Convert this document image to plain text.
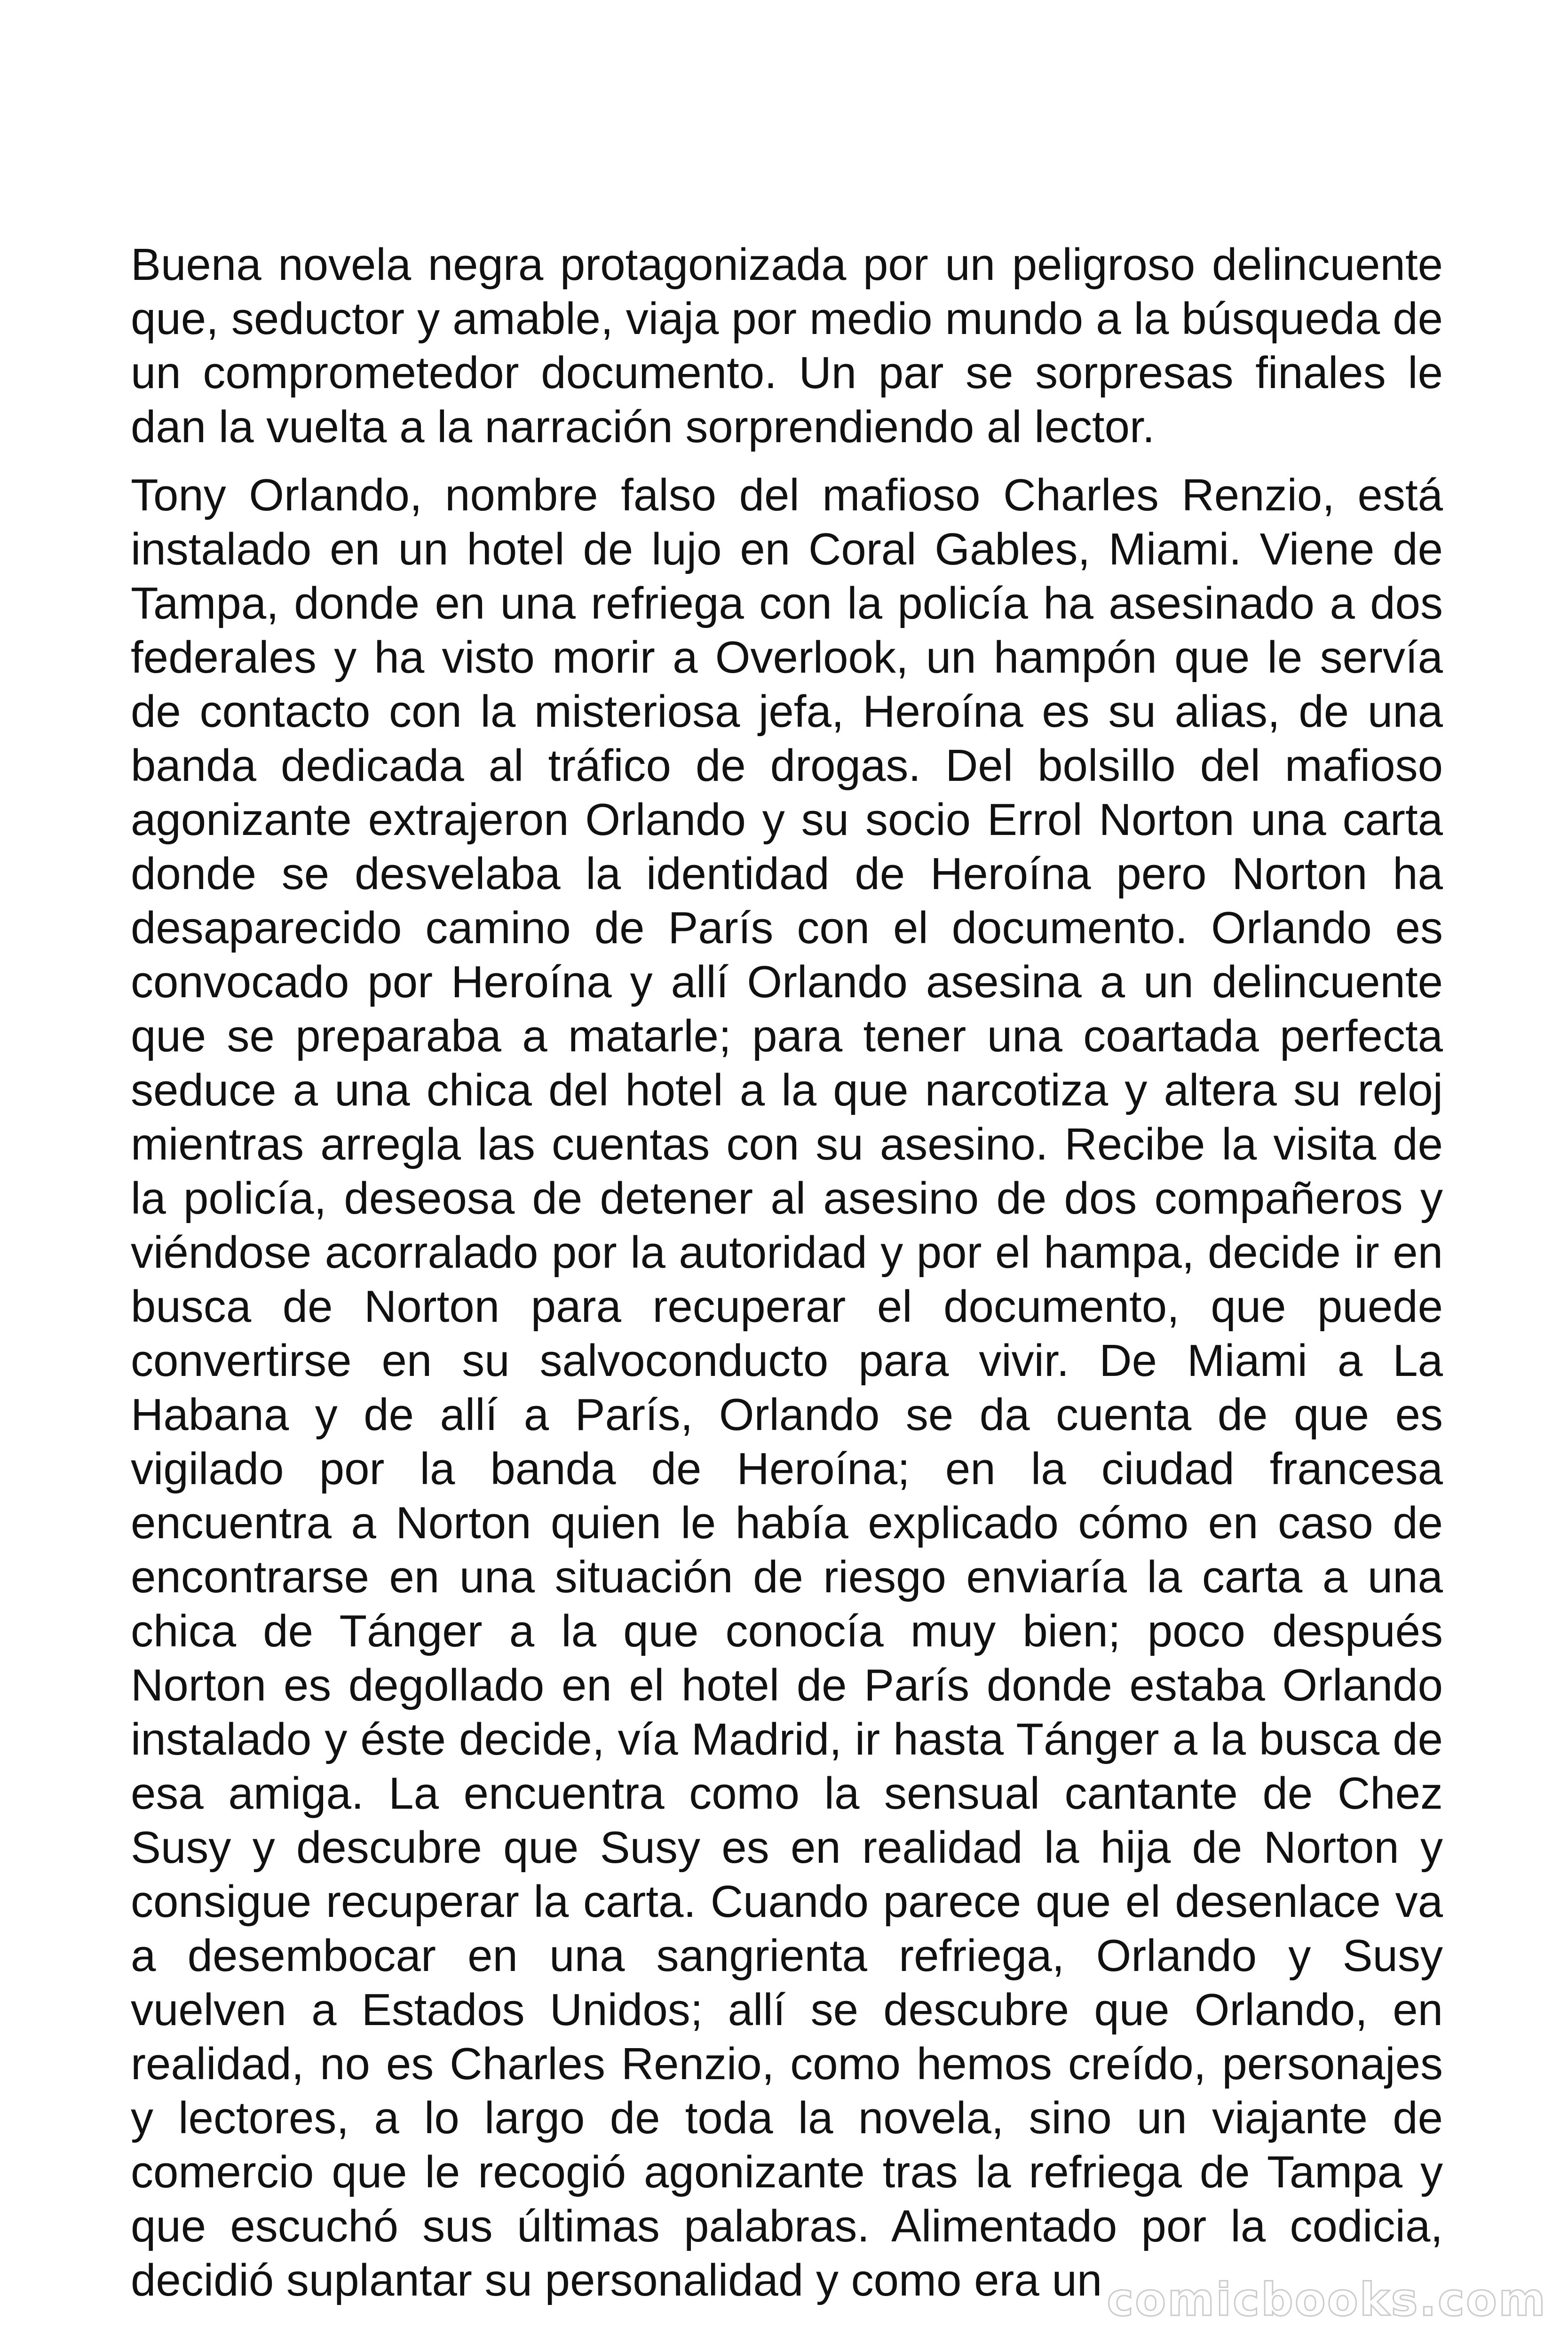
Buena novela negra protagonizada por un peligroso delincuente que, seductor y amable, viaja por medio mundo a la búsqueda de un comprometedor documento. Un par se sorpresas finales le dan la vuelta a la narración sorprendiendo al lector.

Tony Orlando, nombre falso del mafioso Charles Renzio, está instalado en un hotel de lujo en Coral Gables, Miami. Viene de Tampa, donde en una refriega con la policía ha asesinado a dos federales y ha visto morir a Overlook, un hampón que le servía de contacto con la misteriosa jefa, Heroína es su alias, de una banda dedicada al tráfico de drogas. Del bolsillo del mafioso agonizante extrajeron Orlando y su socio Errol Norton una carta donde se desvelaba la identidad de Heroína pero Norton ha desaparecido camino de París con el documento. Orlando es convocado por Heroína y allí Orlando asesina a un delincuente que se preparaba a matarle; para tener una coartada perfecta seduce a una chica del hotel a la que narcotiza y altera su reloj mientras arregla las cuentas con su asesino. Recibe la visita de la policía, deseosa de detener al asesino de dos compañeros y viéndose acorralado por la autoridad y por el hampa, decide ir en busca de Norton para recuperar el documento, que puede convertirse en su salvoconducto para vivir. De Miami a La Habana y de allí a París, Orlando se da cuenta de que es vigilado por la banda de Heroína; en la ciudad francesa encuentra a Norton quien le había explicado cómo en caso de encontrarse en una situación de riesgo enviaría la carta a una chica de Tánger a la que conocía muy bien; poco después Norton es degollado en el hotel de París donde estaba Orlando instalado y éste decide, vía Madrid, ir hasta Tánger a la busca de esa amiga. La encuentra como la sensual cantante de Chez Susy y descubre que Susy es en realidad la hija de Norton y consigue recuperar la carta. Cuando parece que el desenlace va a desembocar en una sangrienta refriega, Orlando y Susy vuelven a Estados Unidos; allí se descubre que Orlando, en realidad, no es Charles Renzio, como hemos creído, personajes y lectores, a lo largo de toda la novela, sino un viajante de comercio que le recogió agonizante tras la refriega de Tampa y que escuchó sus últimas palabras. Alimentado por la codicia, decidió suplantar su personalidad y como era un comicbooks.com
